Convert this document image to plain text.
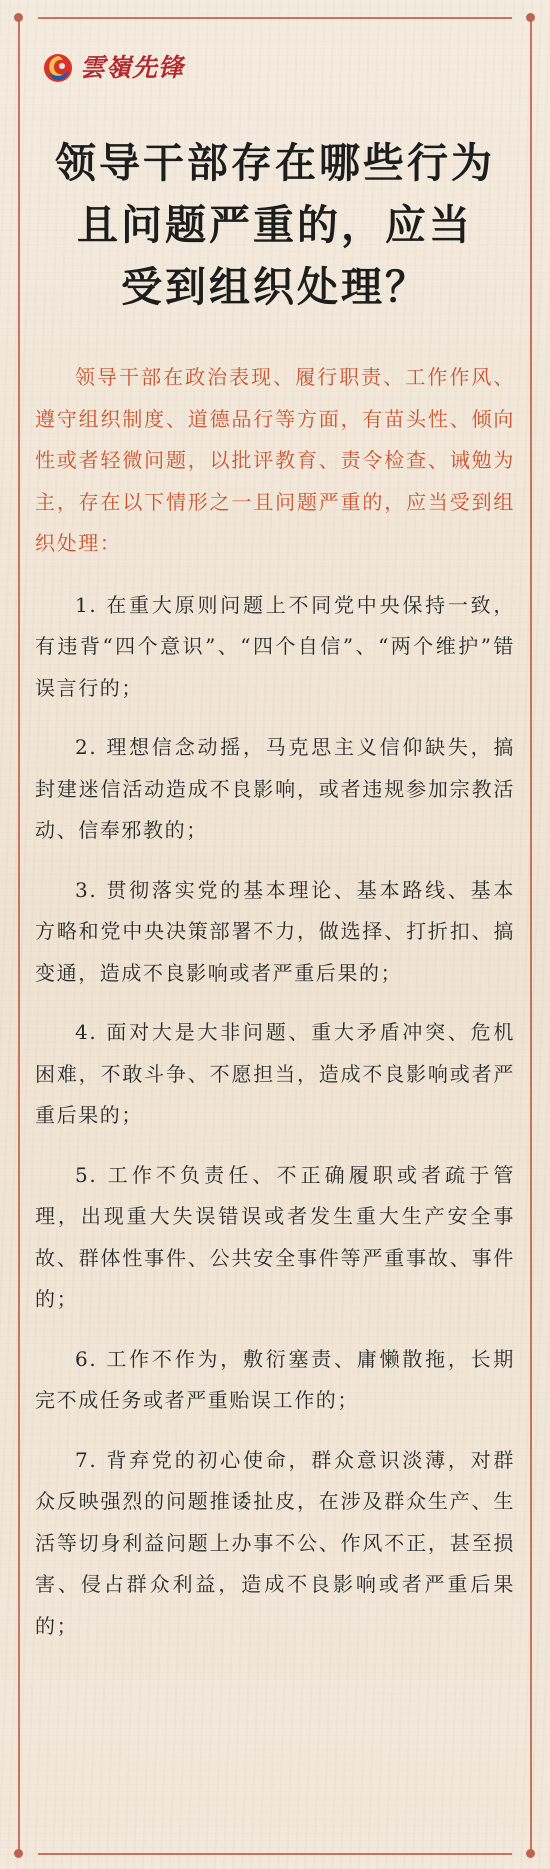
雲嶺先锋
领导干部存在哪些行为
且问题严重的，应当
受到组织处理？

领导干部在政治表现、履行职责、工作作风、遵守组织制度、道德品行等方面，有苗头性、倾向性或者轻微问题，以批评教育、责令检查、诫勉为主，存在以下情形之一且问题严重的，应当受到组织处理：

1. 在重大原则问题上不同党中央保持一致，有违背“四个意识”、“四个自信”、“两个维护”错误言行的；

2. 理想信念动摇，马克思主义信仰缺失，搞封建迷信活动造成不良影响，或者违规参加宗教活动、信奉邪教的；

3. 贯彻落实党的基本理论、基本路线、基本方略和党中央决策部署不力，做选择、打折扣、搞变通，造成不良影响或者严重后果的；

4. 面对大是大非问题、重大矛盾冲突、危机困难，不敢斗争、不愿担当，造成不良影响或者严重后果的；

5. 工作不负责任、不正确履职或者疏于管理，出现重大失误错误或者发生重大生产安全事故、群体性事件、公共安全事件等严重事故、事件的；

6. 工作不作为，敷衍塞责、庸懒散拖，长期完不成任务或者严重贻误工作的；

7. 背弃党的初心使命，群众意识淡薄，对群众反映强烈的问题推诿扯皮，在涉及群众生产、生活等切身利益问题上办事不公、作风不正，甚至损害、侵占群众利益，造成不良影响或者严重后果的；
